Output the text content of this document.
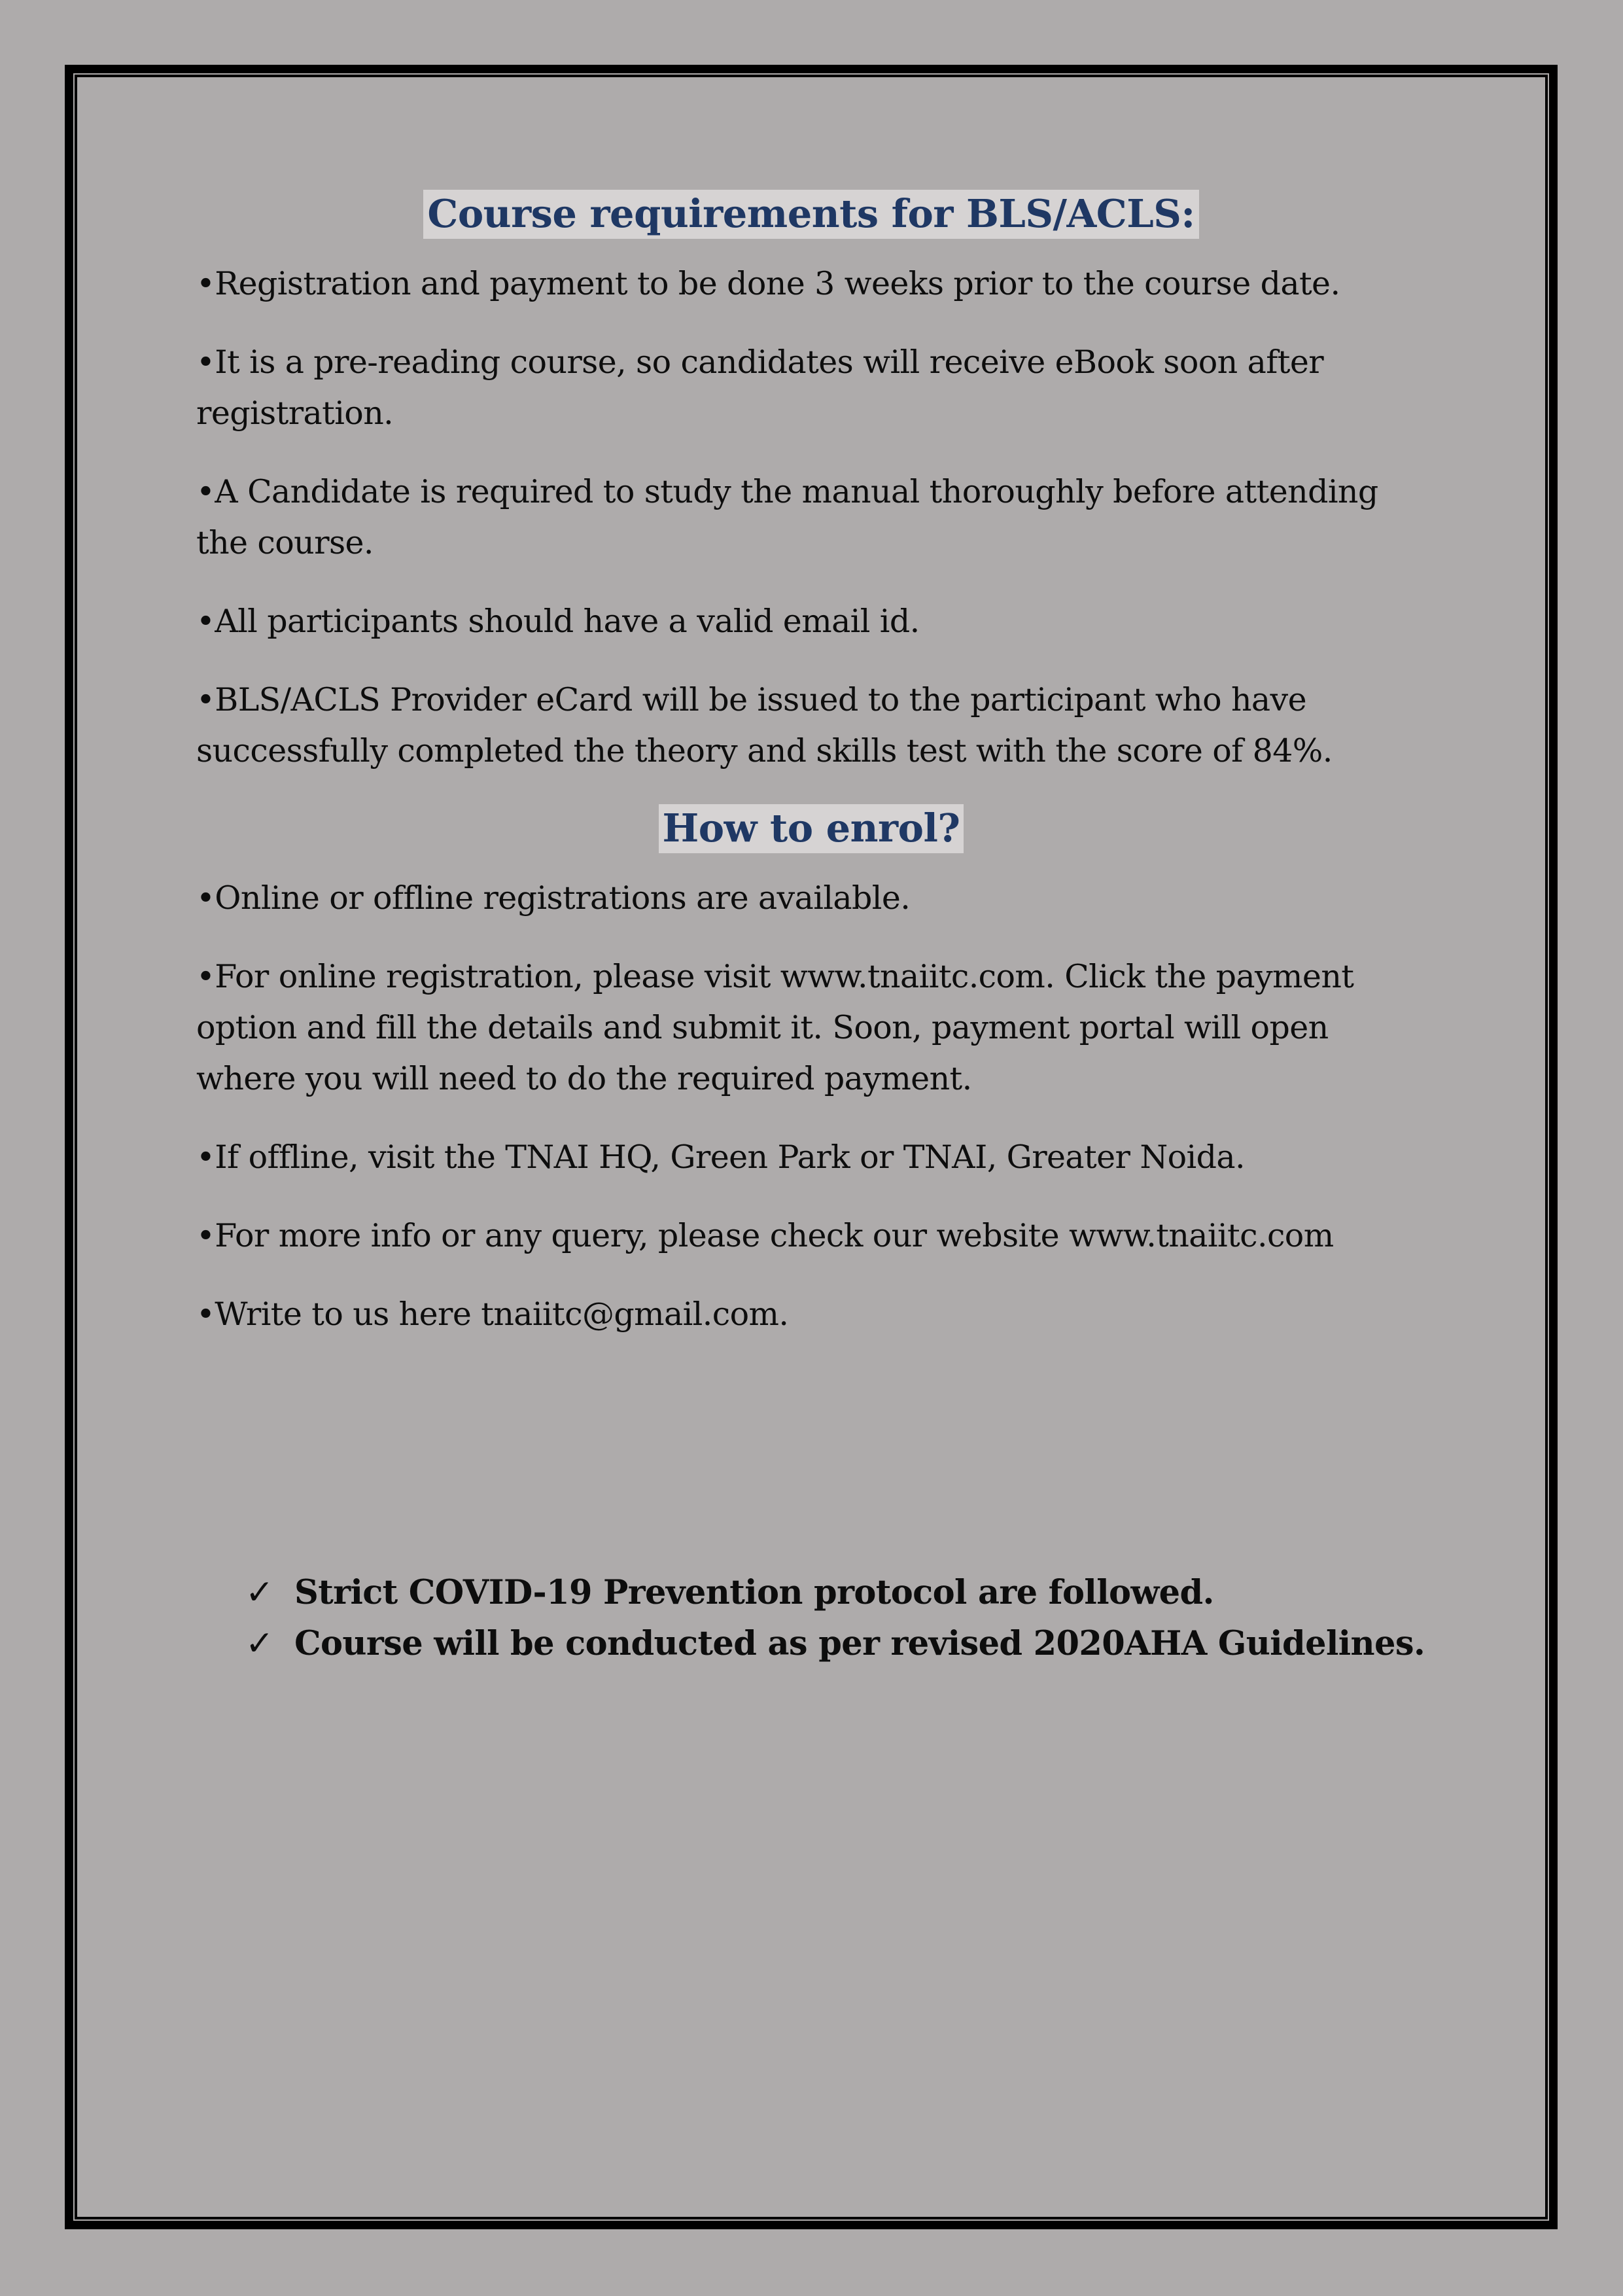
Course requirements for BLS/ACLS:

•Registration and payment to be done 3 weeks prior to the course date.

•It is a pre-reading course, so candidates will receive eBook soon after registration.

•A Candidate is required to study the manual thoroughly before attending the course.

•All participants should have a valid email id.

•BLS/ACLS Provider eCard will be issued to the participant who have successfully completed the theory and skills test with the score of 84%.

How to enrol?

•Online or offline registrations are available.

•For online registration, please visit www.tnaiitc.com. Click the payment option and fill the details and submit it. Soon, payment portal will open where you will need to do the required payment.

•If offline, visit the TNAI HQ, Green Park or TNAI, Greater Noida.

•For more info or any query, please check our website www.tnaiitc.com

•Write to us here tnaiitc@gmail.com.

✓ Strict COVID-19 Prevention protocol are followed.
✓ Course will be conducted as per revised 2020AHA Guidelines.
